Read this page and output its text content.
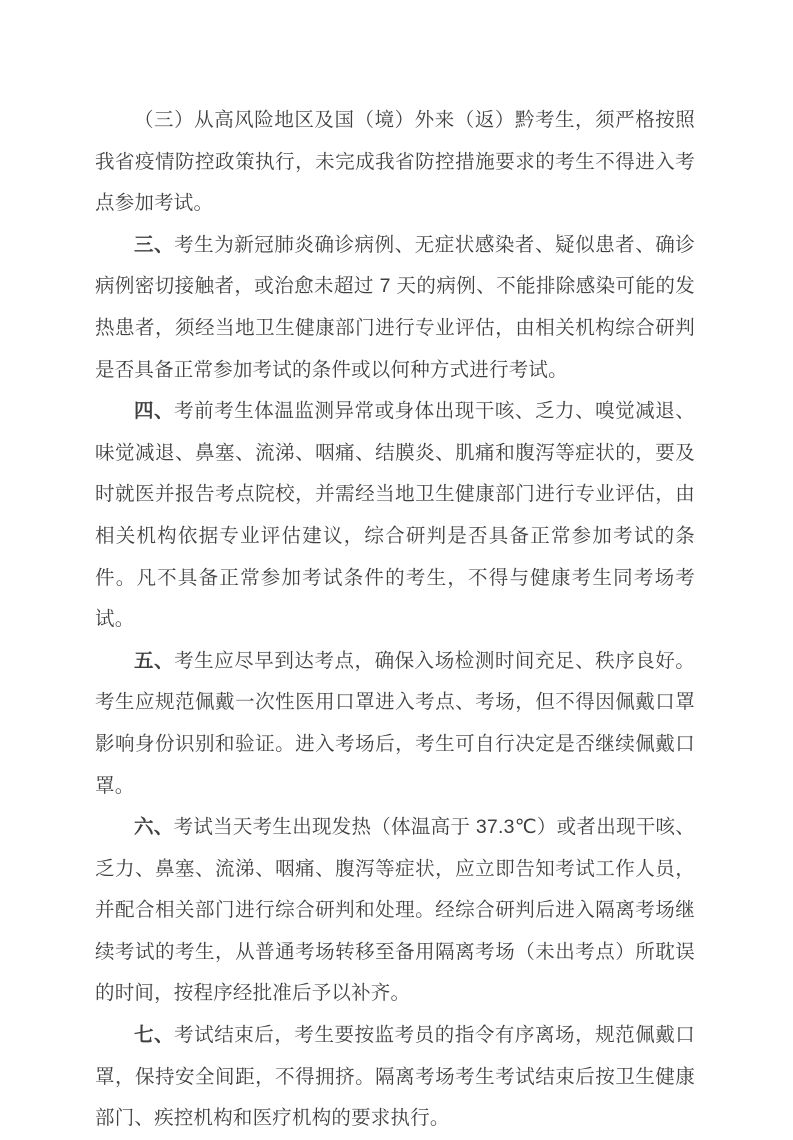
（三）从高风险地区及国（境）外来（返）黔考生，须严格按照我省疫情防控政策执行，未完成我省防控措施要求的考生不得进入考点参加考试。

三、考生为新冠肺炎确诊病例、无症状感染者、疑似患者、确诊病例密切接触者，或治愈未超过 7 天的病例、不能排除感染可能的发热患者，须经当地卫生健康部门进行专业评估，由相关机构综合研判是否具备正常参加考试的条件或以何种方式进行考试。

四、考前考生体温监测异常或身体出现干咳、乏力、嗅觉减退、味觉减退、鼻塞、流涕、咽痛、结膜炎、肌痛和腹泻等症状的，要及时就医并报告考点院校，并需经当地卫生健康部门进行专业评估，由相关机构依据专业评估建议，综合研判是否具备正常参加考试的条件。凡不具备正常参加考试条件的考生，不得与健康考生同考场考试。

五、考生应尽早到达考点，确保入场检测时间充足、秩序良好。考生应规范佩戴一次性医用口罩进入考点、考场，但不得因佩戴口罩影响身份识别和验证。进入考场后，考生可自行决定是否继续佩戴口罩。

六、考试当天考生出现发热（体温高于 37.3℃）或者出现干咳、乏力、鼻塞、流涕、咽痛、腹泻等症状，应立即告知考试工作人员，并配合相关部门进行综合研判和处理。经综合研判后进入隔离考场继续考试的考生，从普通考场转移至备用隔离考场（未出考点）所耽误的时间，按程序经批准后予以补齐。

七、考试结束后，考生要按监考员的指令有序离场，规范佩戴口罩，保持安全间距，不得拥挤。隔离考场考生考试结束后按卫生健康部门、疾控机构和医疗机构的要求执行。
